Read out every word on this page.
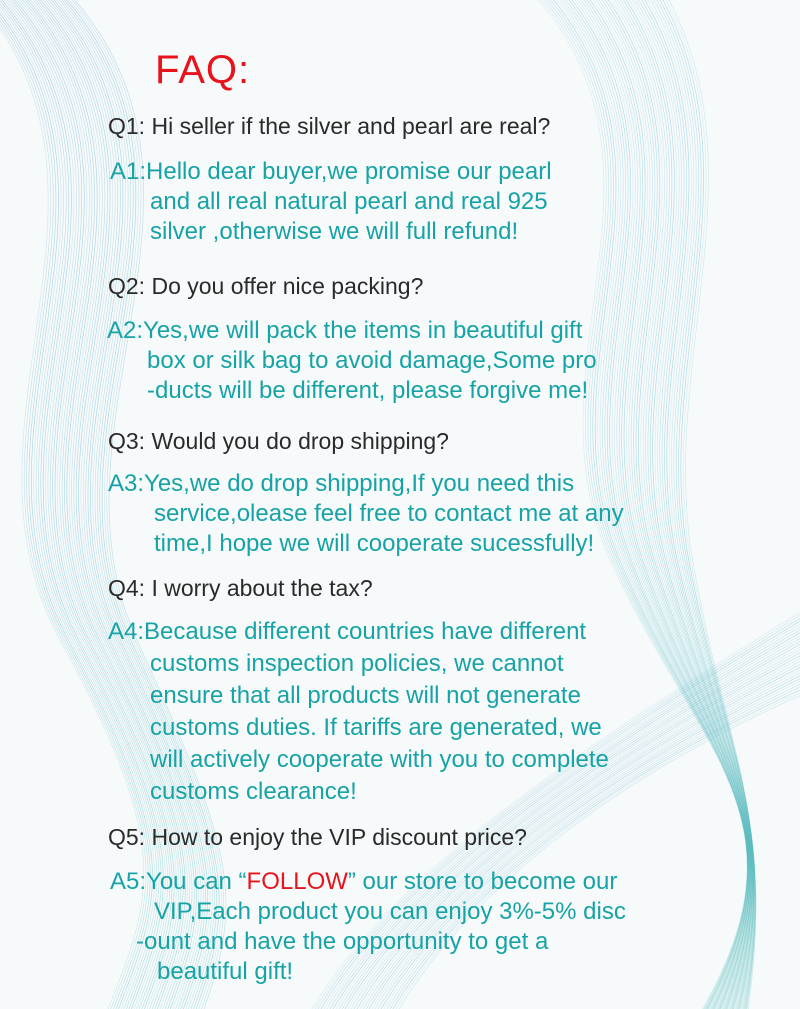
FAQ:
Q1: Hi seller if the silver and pearl are real?
A1:Hello dear buyer,we promise our pearl
and all real natural pearl and real 925
silver ,otherwise we will full refund!
Q2: Do you offer nice packing?
A2:Yes,we will pack the items in beautiful gift
box or silk bag to avoid damage,Some pro
-ducts will be different, please forgive me!
Q3: Would you do drop shipping?
A3:Yes,we do drop shipping,If you need this
service,olease feel free to contact me at any
time,I hope we will cooperate sucessfully!
Q4: I worry about the tax?
A4:Because different countries have different
customs inspection policies, we cannot
ensure that all products will not generate
customs duties. If tariffs are generated, we
will actively cooperate with you to complete
customs clearance!
Q5: How to enjoy the VIP discount price?
A5:You can “FOLLOW” our store to become our
VIP,Each product you can enjoy 3%-5% disc
-ount and have the opportunity to get a
beautiful gift!
